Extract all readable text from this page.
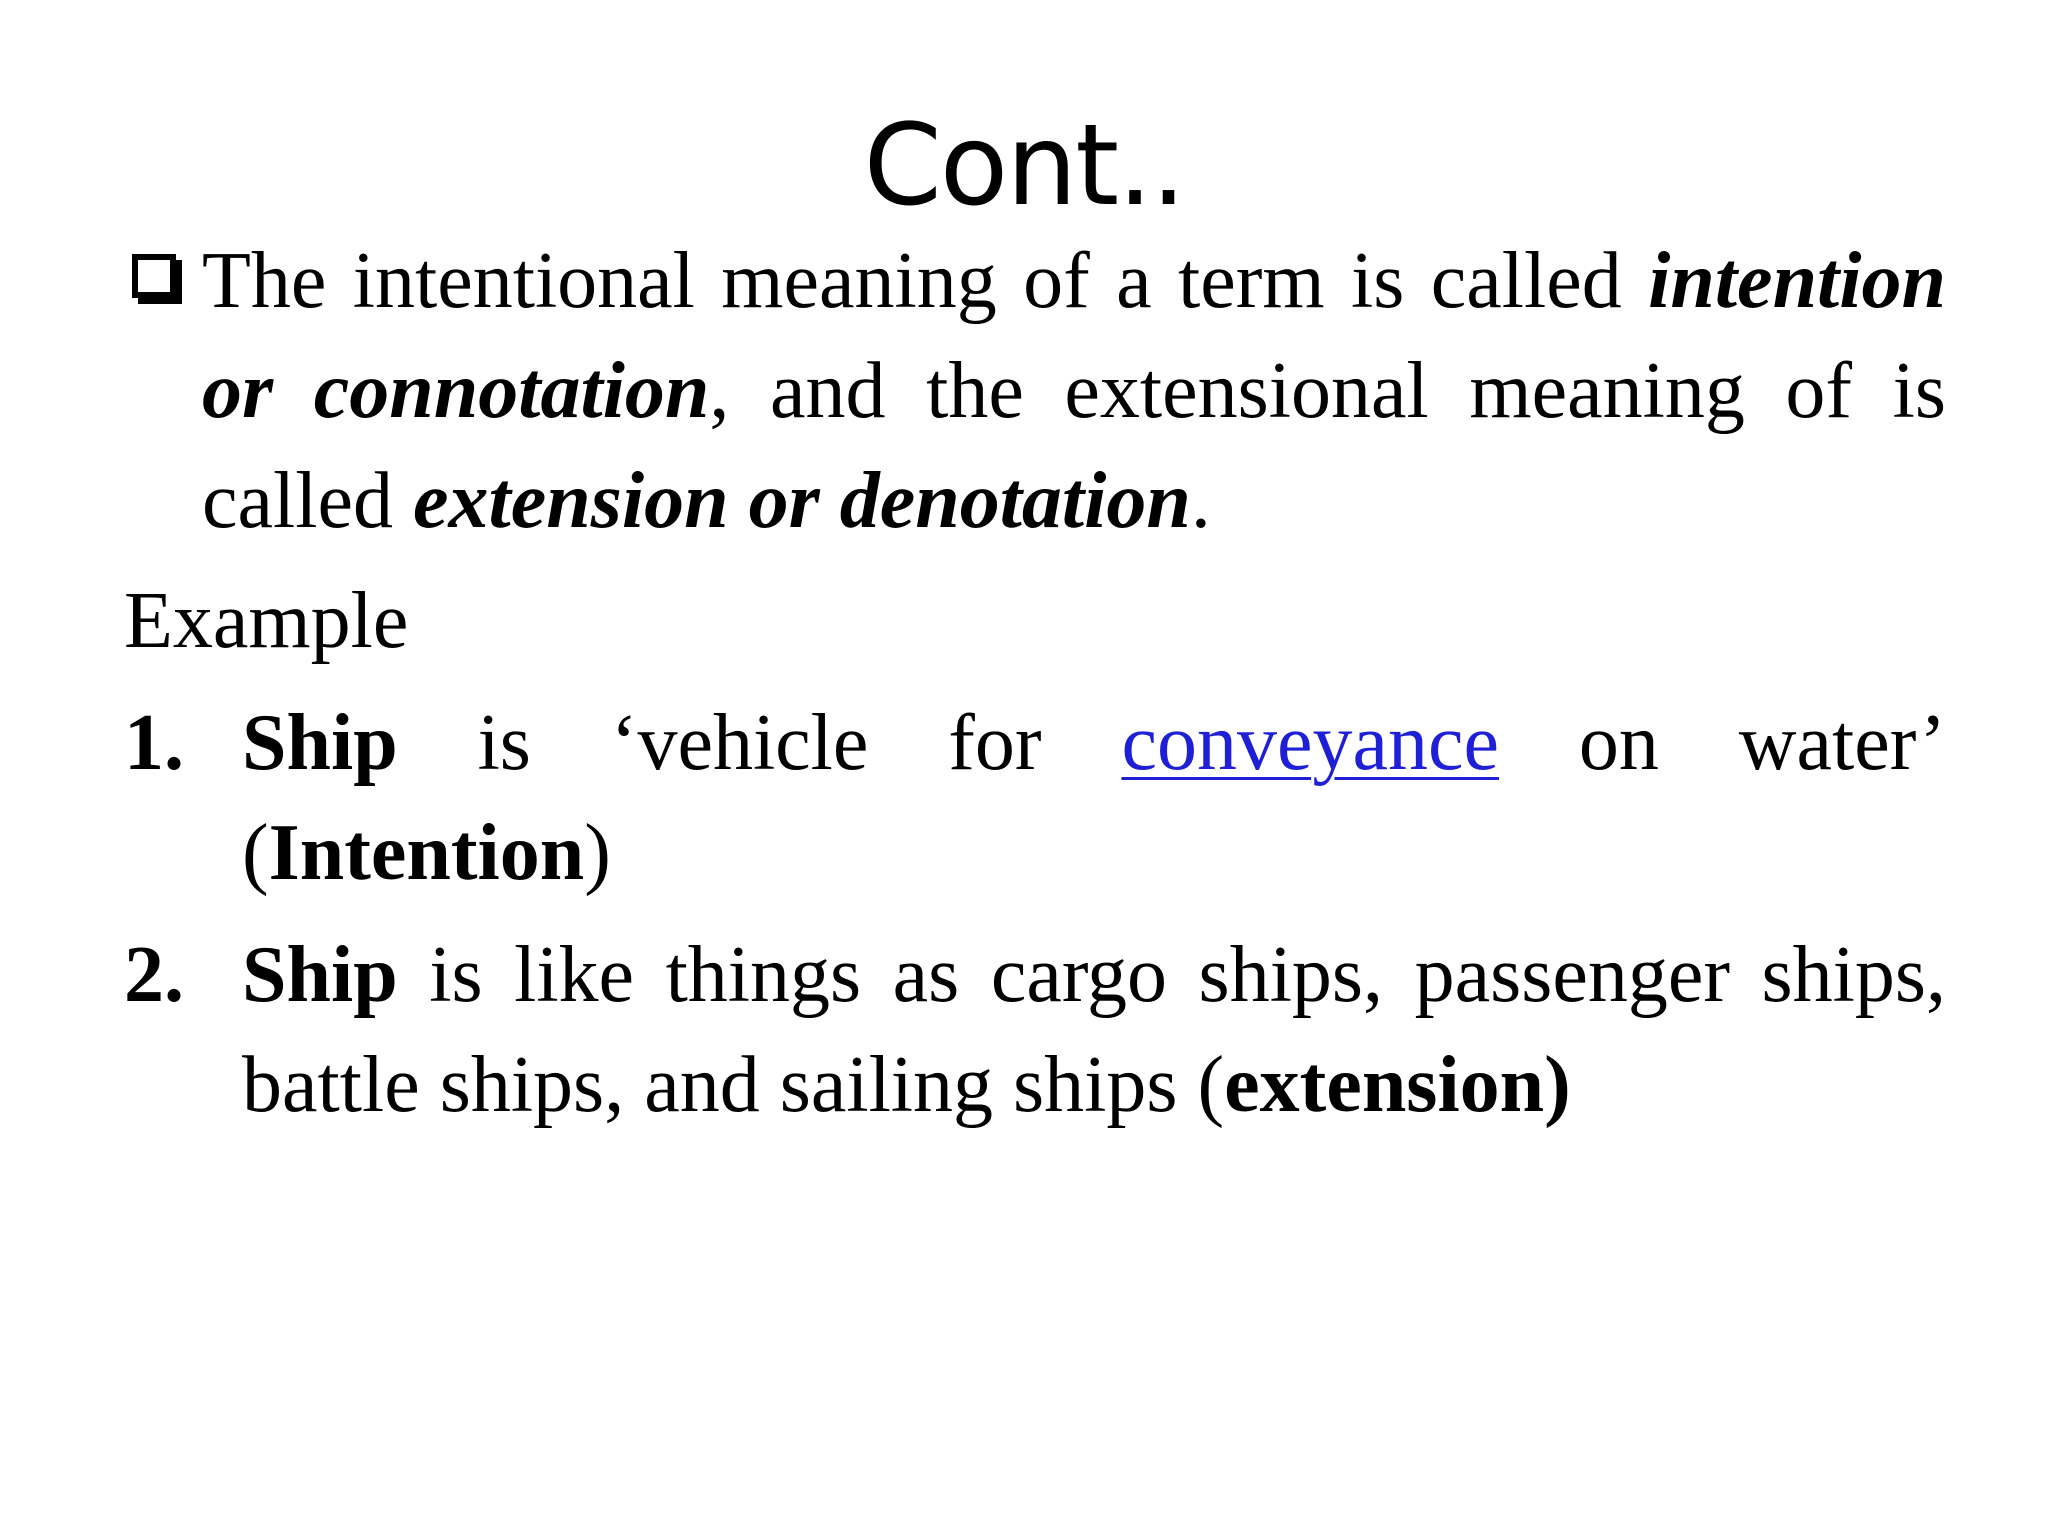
Cont..

The intentional meaning of a term is called intention or connotation, and the extensional meaning of is called extension or denotation.

Example

1. Ship is ‘vehicle for conveyance on water’ (Intention)

2. Ship is like things as cargo ships, passenger ships, battle ships, and sailing ships (extension)
